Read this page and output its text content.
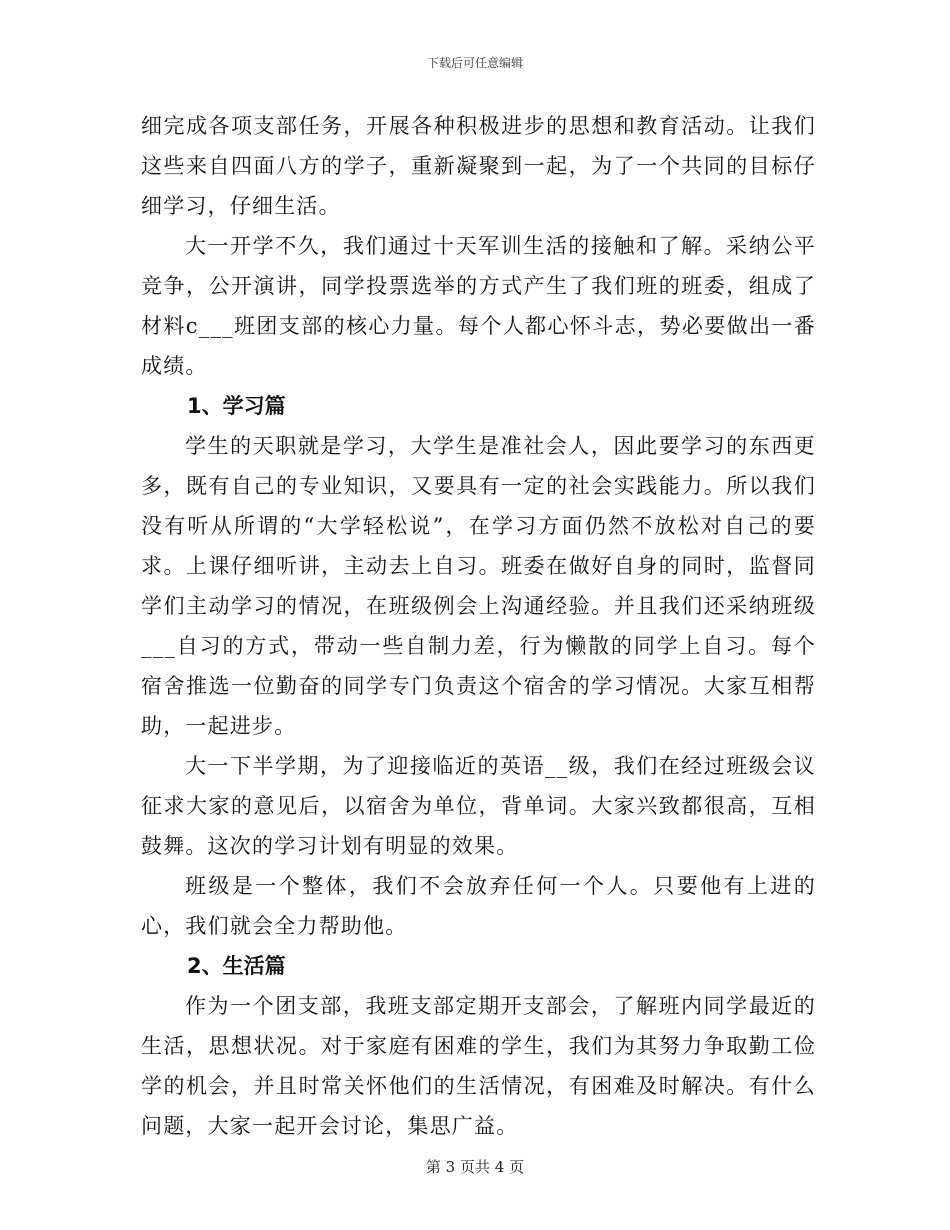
下载后可任意编辑

细完成各项支部任务，开展各种积极进步的思想和教育活动。让我们这些来自四面八方的学子，重新凝聚到一起，为了一个共同的目标仔细学习，仔细生活。

大一开学不久，我们通过十天军训生活的接触和了解。采纳公平竞争，公开演讲，同学投票选举的方式产生了我们班的班委，组成了材料c___班团支部的核心力量。每个人都心怀斗志，势必要做出一番成绩。

1、学习篇

学生的天职就是学习，大学生是准社会人，因此要学习的东西更多，既有自己的专业知识，又要具有一定的社会实践能力。所以我们没有听从所谓的“大学轻松说”，在学习方面仍然不放松对自己的要求。上课仔细听讲，主动去上自习。班委在做好自身的同时，监督同学们主动学习的情况，在班级例会上沟通经验。并且我们还采纳班级___自习的方式，带动一些自制力差，行为懒散的同学上自习。每个宿舍推选一位勤奋的同学专门负责这个宿舍的学习情况。大家互相帮助，一起进步。

大一下半学期，为了迎接临近的英语__级，我们在经过班级会议征求大家的意见后，以宿舍为单位，背单词。大家兴致都很高，互相鼓舞。这次的学习计划有明显的效果。

班级是一个整体，我们不会放弃任何一个人。只要他有上进的心，我们就会全力帮助他。

2、生活篇

作为一个团支部，我班支部定期开支部会，了解班内同学最近的生活，思想状况。对于家庭有困难的学生，我们为其努力争取勤工俭学的机会，并且时常关怀他们的生活情况，有困难及时解决。有什么问题，大家一起开会讨论，集思广益。

第 3 页共 4 页
